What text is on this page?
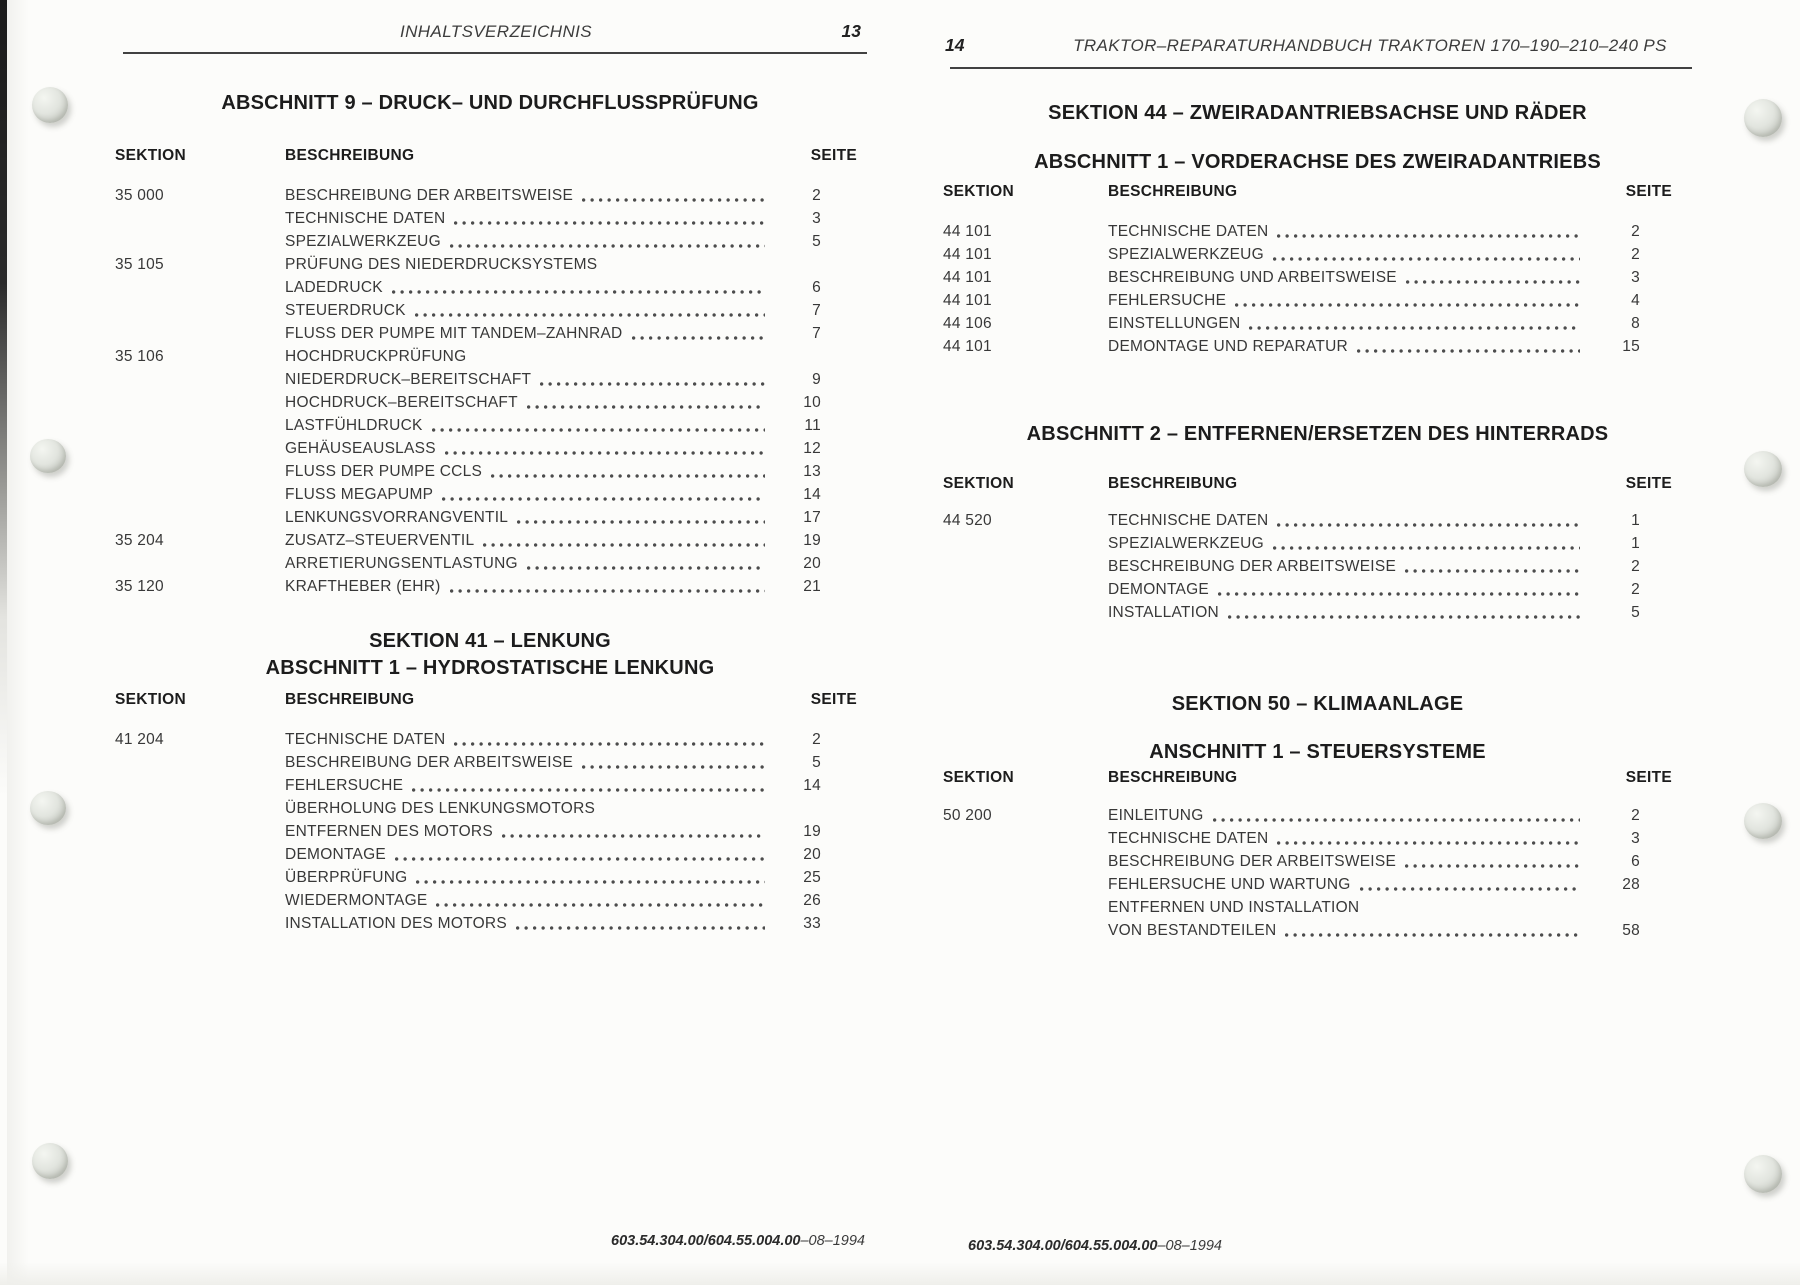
INHALTSVERZEICHNIS	13
ABSCHNITT 9 – DRUCK– UND DURCHFLUSSPRÜFUNG
SEKTION	BESCHREIBUNG	SEITE
35 000	BESCHREIBUNG DER ARBEITSWEISE	2
TECHNISCHE DATEN	3
SPEZIALWERKZEUG	5
35 105	PRÜFUNG DES NIEDERDRUCKSYSTEMS
LADEDRUCK	6
STEUERDRUCK	7
FLUSS DER PUMPE MIT TANDEM–ZAHNRAD	7
35 106	HOCHDRUCKPRÜFUNG
NIEDERDRUCK–BEREITSCHAFT	9
HOCHDRUCK–BEREITSCHAFT	10
LASTFÜHLDRUCK	11
GEHÄUSEAUSLASS	12
FLUSS DER PUMPE CCLS	13
FLUSS MEGAPUMP	14
LENKUNGSVORRANGVENTIL	17
35 204	ZUSATZ–STEUERVENTIL	19
ARRETIERUNGSENTLASTUNG	20
35 120	KRAFTHEBER (EHR)	21
SEKTION 41 – LENKUNG
ABSCHNITT 1 – HYDROSTATISCHE LENKUNG
SEKTION	BESCHREIBUNG	SEITE
41 204	TECHNISCHE DATEN	2
BESCHREIBUNG DER ARBEITSWEISE	5
FEHLERSUCHE	14
ÜBERHOLUNG DES LENKUNGSMOTORS
ENTFERNEN DES MOTORS	19
DEMONTAGE	20
ÜBERPRÜFUNG	25
WIEDERMONTAGE	26
INSTALLATION DES MOTORS	33
603.54.304.00/604.55.004.00–08–1994
14	TRAKTOR–REPARATURHANDBUCH TRAKTOREN 170–190–210–240 PS
SEKTION 44 – ZWEIRADANTRIEBSACHSE UND RÄDER
ABSCHNITT 1 – VORDERACHSE DES ZWEIRADANTRIEBS
SEKTION	BESCHREIBUNG	SEITE
44 101	TECHNISCHE DATEN	2
44 101	SPEZIALWERKZEUG	2
44 101	BESCHREIBUNG UND ARBEITSWEISE	3
44 101	FEHLERSUCHE	4
44 106	EINSTELLUNGEN	8
44 101	DEMONTAGE UND REPARATUR	15
ABSCHNITT 2 – ENTFERNEN/ERSETZEN DES HINTERRADS
SEKTION	BESCHREIBUNG	SEITE
44 520	TECHNISCHE DATEN	1
SPEZIALWERKZEUG	1
BESCHREIBUNG DER ARBEITSWEISE	2
DEMONTAGE	2
INSTALLATION	5
SEKTION 50 – KLIMAANLAGE
ANSCHNITT 1 – STEUERSYSTEME
SEKTION	BESCHREIBUNG	SEITE
50 200	EINLEITUNG	2
TECHNISCHE DATEN	3
BESCHREIBUNG DER ARBEITSWEISE	6
FEHLERSUCHE UND WARTUNG	28
ENTFERNEN UND INSTALLATION
VON BESTANDTEILEN	58
603.54.304.00/604.55.004.00–08–1994
